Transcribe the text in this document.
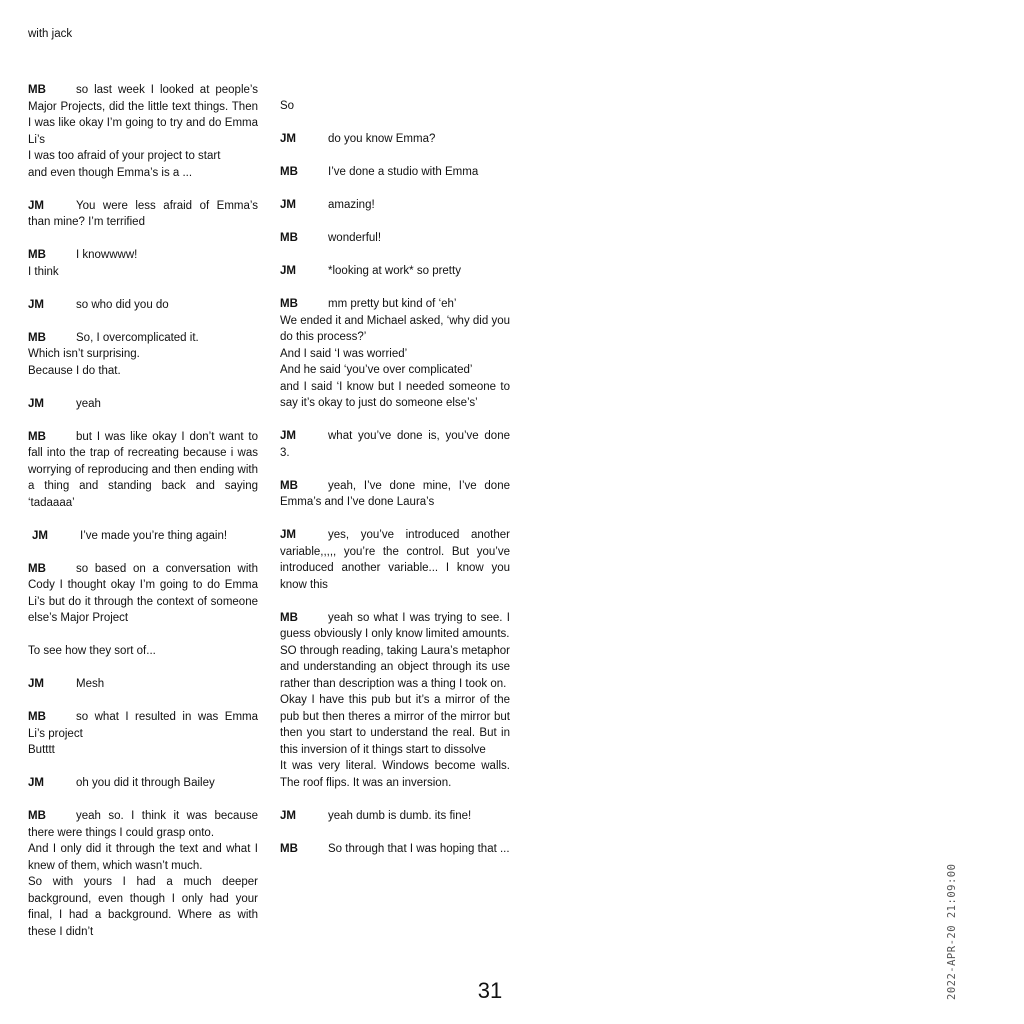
with jack
MB	so last week I looked at people’s Major Projects, did the little text things. Then I was like okay I’m going to try and do Emma Li’s
I was too afraid of your project to start
and even though Emma’s is a ...
JM	You were less afraid of Emma’s than mine? I’m terrified
MB	I knowwww!
I think
JM	so who did you do
MB	So, I overcomplicated it.
Which isn’t surprising.
Because I do that.
JM	yeah
MB	but I was like okay I don’t want to fall into the trap of recreating because i was worrying of reproducing and then ending with a thing and standing back and saying ‘tadaaaa’
JM	I’ve made you’re thing again!
MB	so based on a conversation with Cody I thought okay I’m going to do Emma Li’s but do it through the context of someone else’s Major Project
To see how they sort of...
JM	Mesh
MB	so what I resulted in was Emma Li’s project
Butttt
JM	oh you did it through Bailey
MB	yeah so. I think it was because there were things I could grasp onto.
And I only did it through the text and what I knew of them, which wasn’t much.
So with yours I had a much deeper background, even though I only had your final, I had a background. Where as with these I didn’t
So
JM	do you know Emma?
MB	I’ve done a studio with Emma
JM	amazing!
MB	wonderful!
JM	*looking at work* so pretty
MB	mm pretty but kind of ‘eh’
We ended it and Michael asked, ‘why did you do this process?’
And I said ‘I was worried’
And he said ‘you’ve over complicated’
and I said ‘I know but I needed someone to say it’s okay to just do someone else’s’
JM	what you’ve done is, you’ve done 3.
MB	yeah, I’ve done mine, I’ve done Emma’s and I’ve done Laura’s
JM	yes, you’ve introduced another variable,,,,, you’re the control. But you’ve introduced another variable... I know you know this
MB	yeah so what I was trying to see. I guess obviously I only know limited amounts.
SO through reading, taking Laura’s metaphor and understanding an object through its use rather than description was a thing I took on.
Okay I have this pub but it’s a mirror of the pub but then theres a mirror of the mirror but then you start to understand the real. But in this inversion of it things start to dissolve
It was very literal. Windows become walls. The roof flips. It was an inversion.
JM	yeah dumb is dumb. its fine!
MB	So through that I was hoping that ...
31	2022-APR-20 21:09:00
